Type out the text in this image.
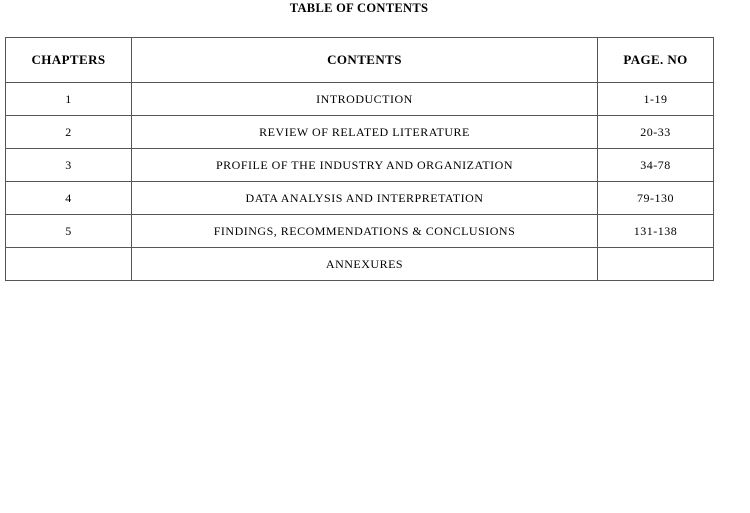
TABLE OF CONTENTS
CHAPTERS	CONTENTS	PAGE. NO
1	INTRODUCTION	1-19
2	REVIEW OF RELATED LITERATURE	20-33
3	PROFILE OF THE INDUSTRY AND ORGANIZATION	34-78
4	DATA ANALYSIS AND INTERPRETATION	79-130
5	FINDINGS, RECOMMENDATIONS & CONCLUSIONS	131-138
	ANNEXURES	
